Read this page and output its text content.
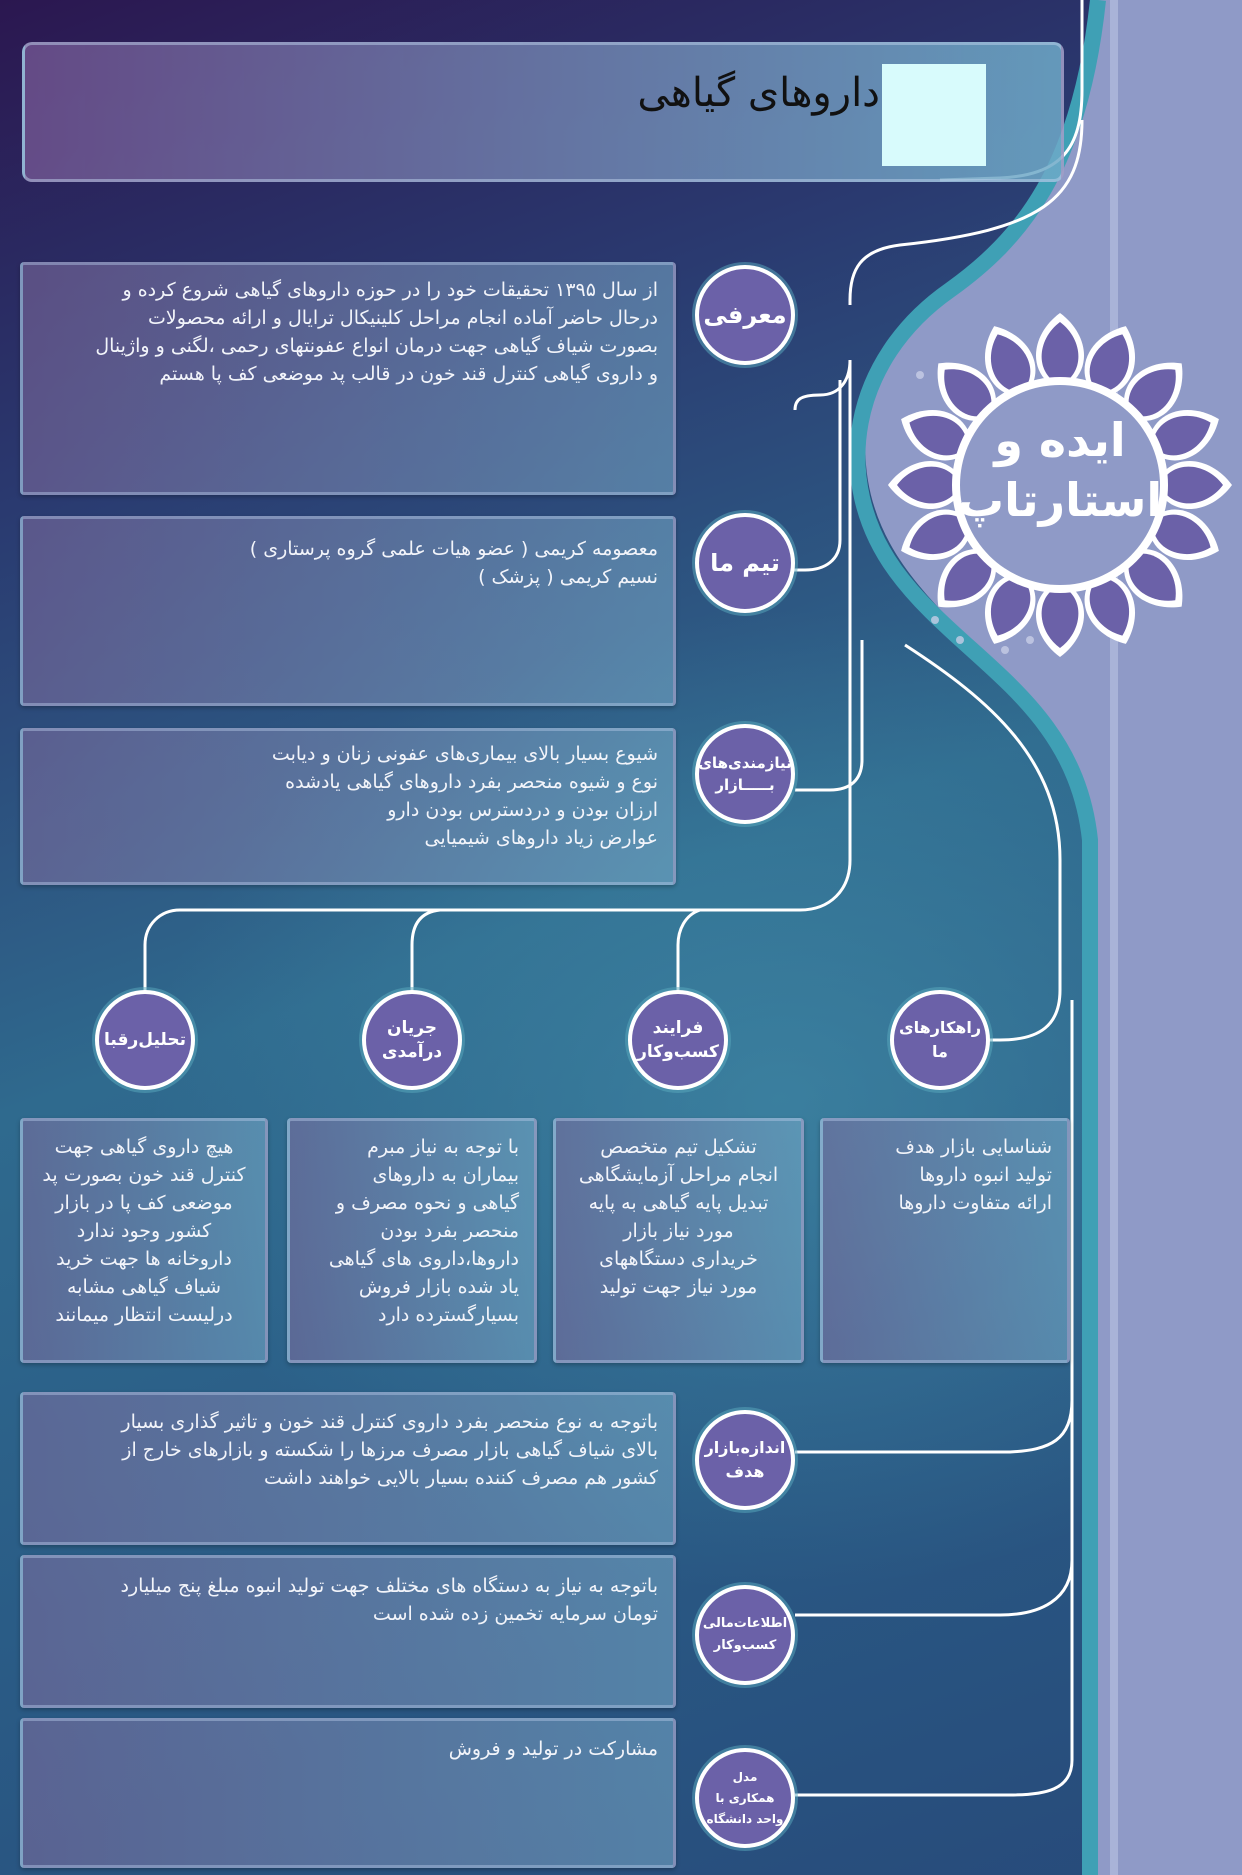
داروهای گیاهی
ایده و
استارتاپ
از سال ۱۳۹۵ تحقیقات خود را در حوزه داروهای گیاهی شروع کرده و
درحال حاضر آماده انجام مراحل کلینیکال ترایال و ارائه محصولات
بصورت شیاف گیاهی جهت درمان انواع عفونتهای رحمی ،لگنی و واژینال
و داروی گیاهی کنترل قند خون در قالب پد موضعی کف پا هستم
معرفی
معصومه کریمی ( عضو هیات علمی گروه پرستاری )
نسیم کریمی ( پزشک )	تیم ما
شیوع بسیار بالای بیماری‌های عفونی زنان و دیابت
نوع و شیوه منحصر بفرد داروهای گیاهی یادشده
ارزان بودن و دردسترس بودن دارو
عوارض زیاد داروهای شیمیایی
نیازمندی‌های
بـــــازار
تحلیل‌رقبا
جریان
درآمدی
فرایند
کسب‌وکار
راهکارهای
ما
هیچ داروی گیاهی جهت
کنترل قند خون بصورت پد
موضعی کف پا در بازار
کشور وجود ندارد
داروخانه ها جهت خرید
شیاف گیاهی مشابه
درلیست انتظار میمانند
با توجه به نیاز مبرم
بیماران به داروهای
گیاهی و نحوه مصرف و
منحصر بفرد بودن
داروها،داروی های گیاهی
یاد شده بازار فروش
بسیارگسترده دارد
تشکیل تیم متخصص
انجام مراحل آزمایشگاهی
تبدیل پایه گیاهی به پایه
مورد نیاز بازار
خریداری دستگاههای
مورد نیاز جهت تولید
شناسایی بازار هدف
تولید انبوه داروها
ارائه متفاوت داروها
باتوجه به نوع منحصر بفرد داروی کنترل قند خون و تاثیر گذاری بسیار
بالای شیاف گیاهی بازار مصرف مرزها را شکسته و بازارهای خارج از
کشور هم مصرف کننده بسیار بالایی خواهند داشت
اندازه‌بازار
هدف
باتوجه به نیاز به دستگاه های مختلف جهت تولید انبوه مبلغ پنج میلیارد
تومان سرمایه تخمین زده شده است	اطلاعات‌مالی
کسب‌وکار
مشارکت در تولید و فروش
مدل
همکاری با
واحد دانشگاه
